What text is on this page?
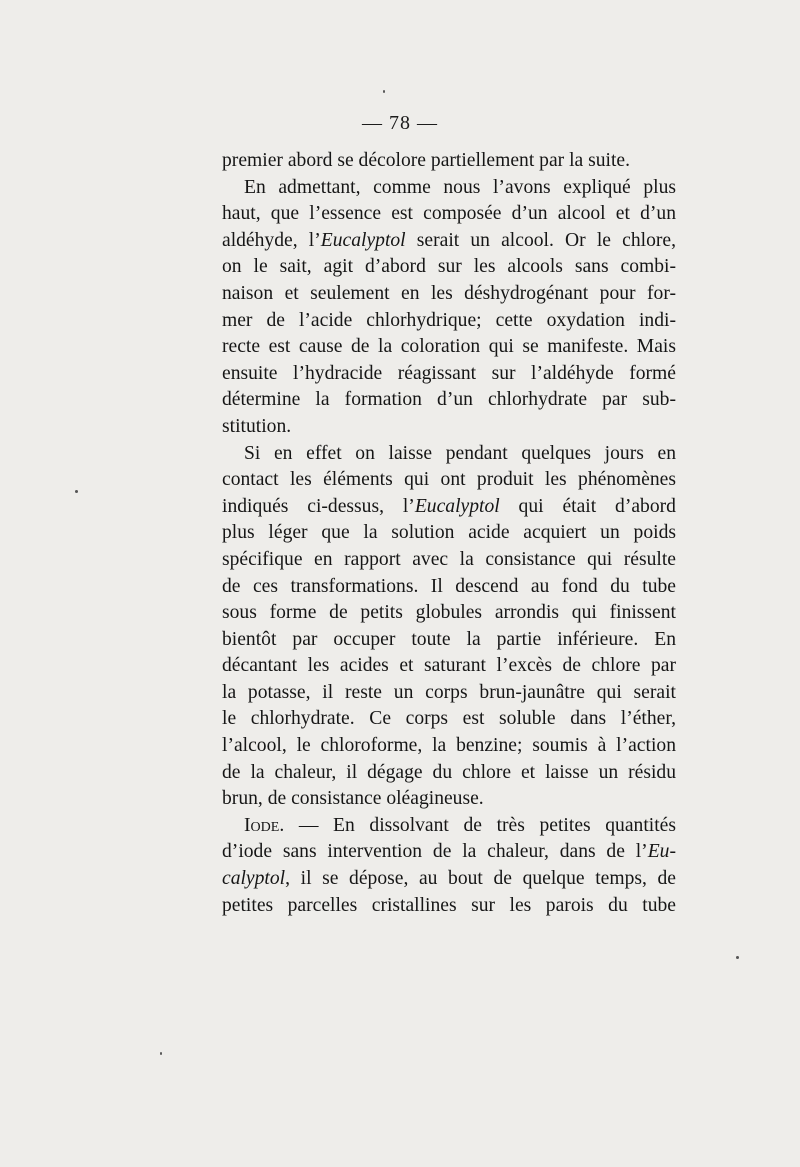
— 78 —

premier abord se décolore partiellement par la suite.

En admettant, comme nous l’avons expliqué plus
haut, que l’essence est composée d’un alcool et d’un
aldéhyde, l’Eucalyptol serait un alcool. Or le chlore,
on le sait, agit d’abord sur les alcools sans combi-
naison et seulement en les déshydrogénant pour for-
mer de l’acide chlorhydrique; cette oxydation indi-
recte est cause de la coloration qui se manifeste. Mais
ensuite l’hydracide réagissant sur l’aldéhyde formé
détermine la formation d’un chlorhydrate par sub-
stitution.

Si en effet on laisse pendant quelques jours en
contact les éléments qui ont produit les phénomènes
indiqués ci-dessus, l’Eucalyptol qui était d’abord
plus léger que la solution acide acquiert un poids
spécifique en rapport avec la consistance qui résulte
de ces transformations. Il descend au fond du tube
sous forme de petits globules arrondis qui finissent
bientôt par occuper toute la partie inférieure. En
décantant les acides et saturant l’excès de chlore par
la potasse, il reste un corps brun-jaunâtre qui serait
le chlorhydrate. Ce corps est soluble dans l’éther,
l’alcool, le chloroforme, la benzine; soumis à l’action
de la chaleur, il dégage du chlore et laisse un résidu
brun, de consistance oléagineuse.

Iode. — En dissolvant de très petites quantités
d’iode sans intervention de la chaleur, dans de l’Eu-
calyptol, il se dépose, au bout de quelque temps, de
petites parcelles cristallines sur les parois du tube
